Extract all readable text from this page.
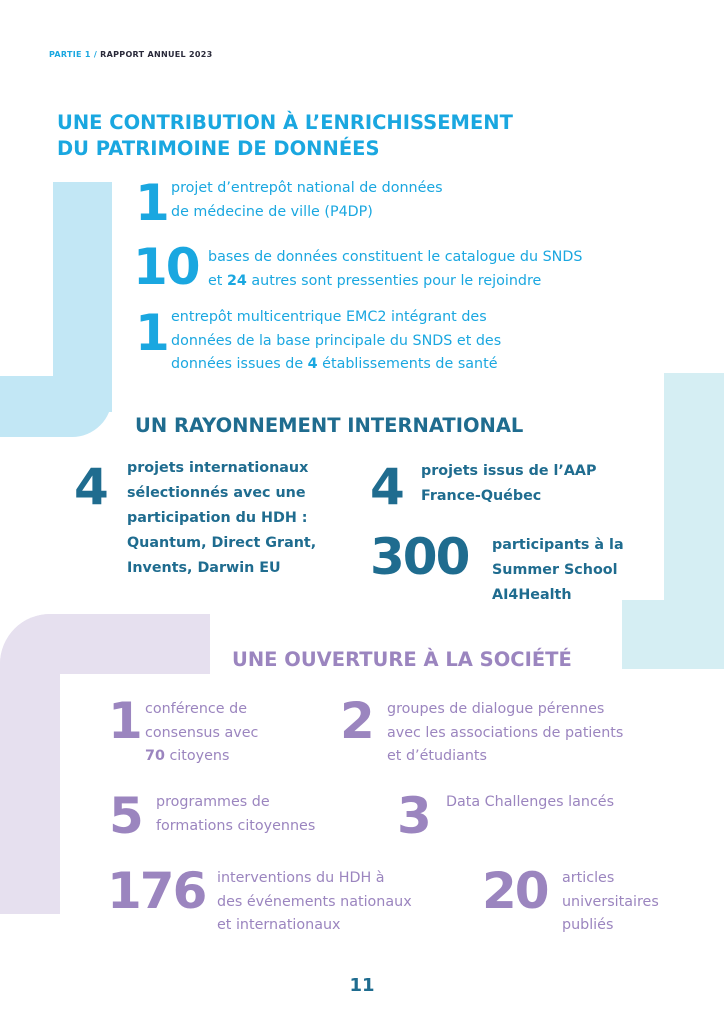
PARTIE 1 / RAPPORT ANNUEL 2023
UNE CONTRIBUTION À L’ENRICHISSEMENT
DU PATRIMOINE DE DONNÉES
1 projet d’entrepôt national de données
de médecine de ville (P4DP)
10 bases de données constituent le catalogue du SNDS
et 24 autres sont pressenties pour le rejoindre
1 entrepôt multicentrique EMC2 intégrant des
données de la base principale du SNDS et des
données issues de 4 établissements de santé
UN RAYONNEMENT INTERNATIONAL
4 projets internationaux
sélectionnés avec une
participation du HDH :
Quantum, Direct Grant,
Invents, Darwin EU
4 projets issus de l’AAP
France-Québec
300 participants à la
Summer School
AI4Health
UNE OUVERTURE À LA SOCIÉTÉ
1 conférence de
consensus avec
70 citoyens
2 groupes de dialogue pérennes
avec les associations de patients
et d’étudiants
5 programmes de
formations citoyennes 3 Data Challenges lancés
176 interventions du HDH à
des événements nationaux
et internationaux
20 articles
universitaires
publiés
11
